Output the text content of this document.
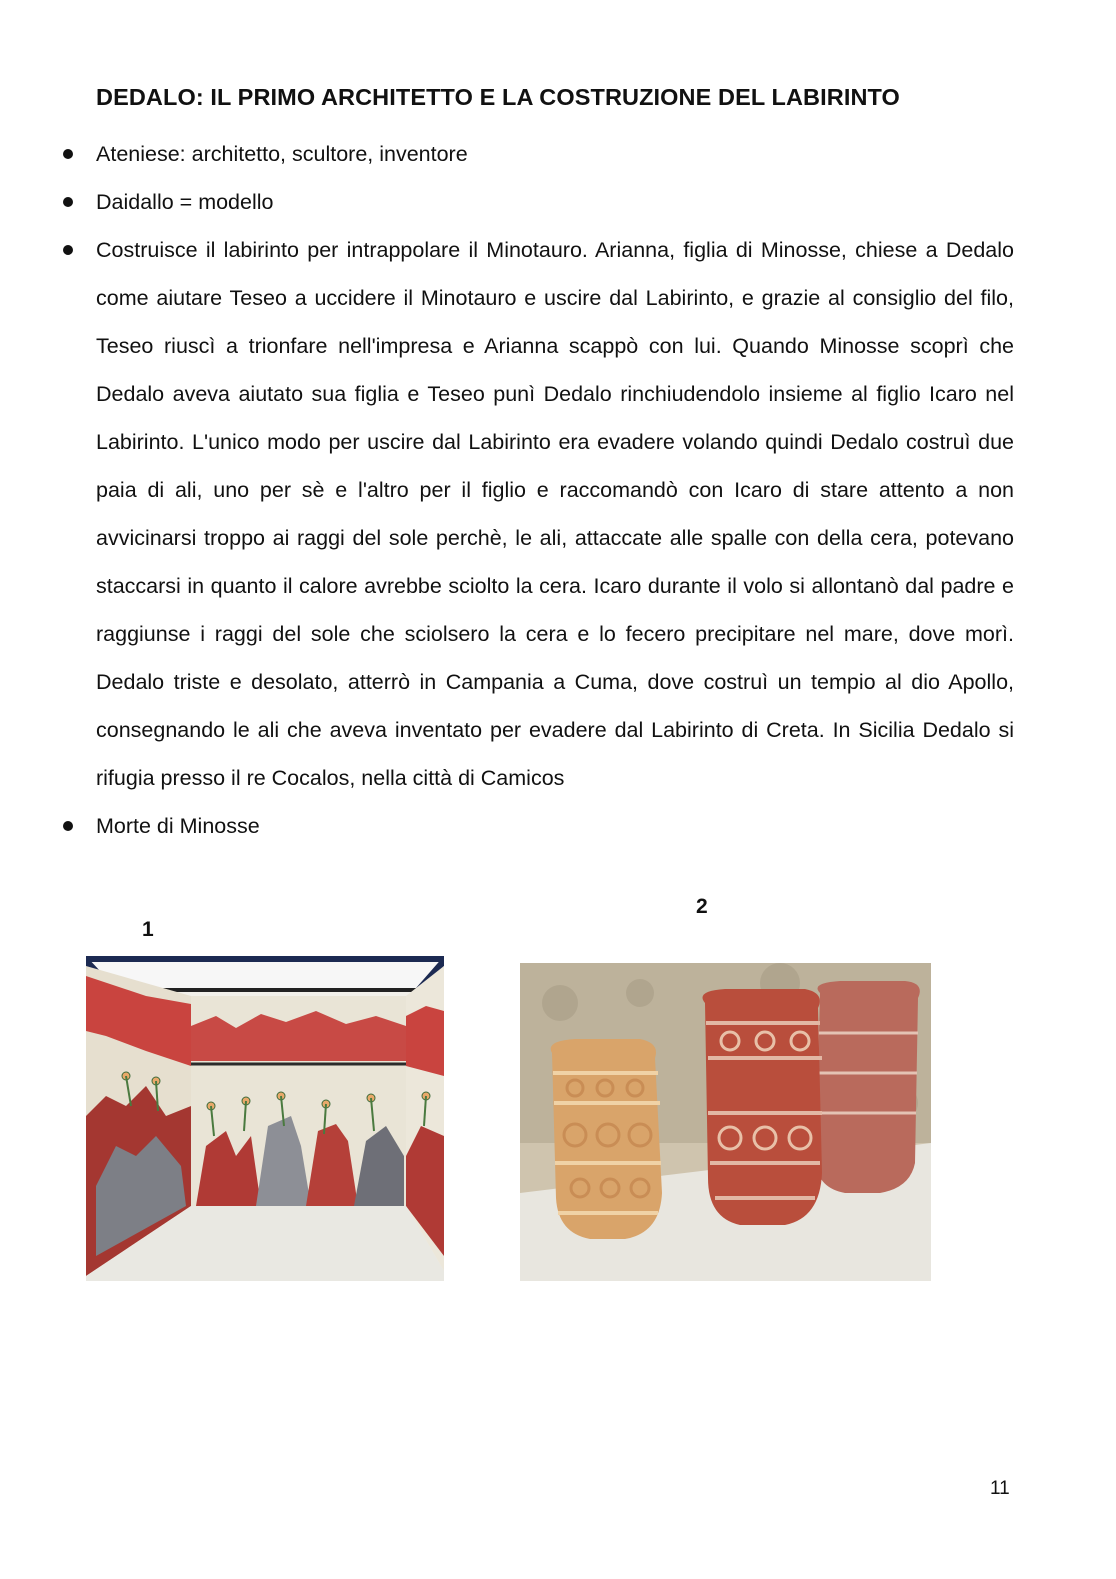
DEDALO: IL PRIMO ARCHITETTO E LA COSTRUZIONE DEL LABIRINTO
Ateniese: architetto, scultore, inventore
Daidallo = modello
Costruisce il labirinto per intrappolare il Minotauro. Arianna, figlia di Minosse, chiese a Dedalo come aiutare Teseo a uccidere il Minotauro e uscire dal Labirinto, e grazie al consiglio del filo, Teseo riuscì a trionfare nell'impresa e Arianna scappò con lui. Quando Minosse scoprì che Dedalo aveva aiutato sua figlia e Teseo punì Dedalo rinchiudendolo insieme al figlio Icaro nel Labirinto. L'unico modo per uscire dal Labirinto era evadere volando quindi Dedalo costruì due paia di ali, uno per sè e l'altro per il figlio e raccomandò con Icaro di stare attento a non avvicinarsi troppo ai raggi del sole perchè, le ali, attaccate alle spalle con della cera, potevano staccarsi in quanto il calore avrebbe sciolto la cera. Icaro durante il volo si allontanò dal padre e raggiunse i raggi del sole che sciolsero la cera e lo fecero precipitare nel mare, dove morì. Dedalo triste e desolato, atterrò in Campania a Cuma, dove costruì un tempio al dio Apollo, consegnando le ali che aveva inventato per evadere dal Labirinto di Creta. In Sicilia Dedalo si rifugia presso il re Cocalos, nella città di Camicos
Morte di Minosse
1
2
11
